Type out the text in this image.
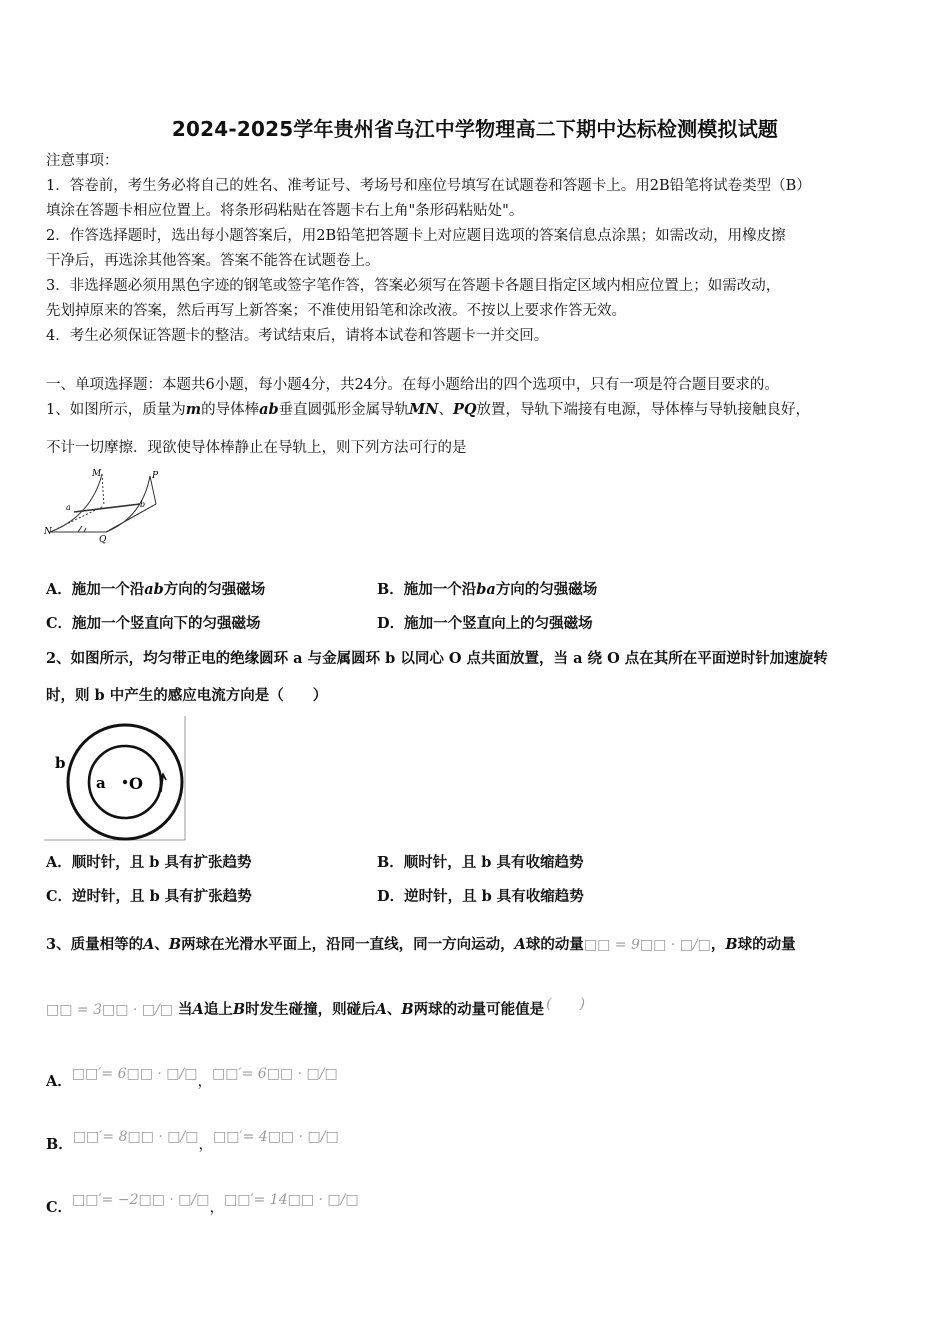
2024-2025学年贵州省乌江中学物理高二下期中达标检测模拟试题
注意事项：
1．答卷前，考生务必将自己的姓名、准考证号、考场号和座位号填写在试题卷和答题卡上。用2B铅笔将试卷类型（B）
填涂在答题卡相应位置上。将条形码粘贴在答题卡右上角"条形码粘贴处"。
2．作答选择题时，选出每小题答案后，用2B铅笔把答题卡上对应题目选项的答案信息点涂黑；如需改动，用橡皮擦
干净后，再选涂其他答案。答案不能答在试题卷上。
3．非选择题必须用黑色字迹的钢笔或签字笔作答，答案必须写在答题卡各题目指定区域内相应位置上；如需改动，
先划掉原来的答案，然后再写上新答案；不准使用铅笔和涂改液。不按以上要求作答无效。
4．考生必须保证答题卡的整洁。考试结束后，请将本试卷和答题卡一并交回。
一、单项选择题：本题共6小题，每小题4分，共24分。在每小题给出的四个选项中，只有一项是符合题目要求的。
1、如图所示，质量为m的导体棒ab垂直圆弧形金属导轨MN、PQ放置，导轨下端接有电源，导体棒与导轨接触良好，
不计一切摩擦．现欲使导体棒静止在导轨上，则下列方法可行的是
M	P
N
Q
a	b
A．施加一个沿ab方向的匀强磁场	B．施加一个沿ba方向的匀强磁场
C．施加一个竖直向下的匀强磁场	D．施加一个竖直向上的匀强磁场
2、如图所示，均匀带正电的绝缘圆环 a 与金属圆环 b 以同心 O 点共面放置，当 a 绕 O 点在其所在平面逆时针加速旋转
时，则 b 中产生的感应电流方向是（　　）
b
a O
A．顺时针，且 b 具有扩张趋势	B．顺时针，且 b 具有收缩趋势
C．逆时针，且 b 具有扩张趋势	D．逆时针，且 b 具有收缩趋势
3、质量相等的A、B两球在光滑水平面上，沿同一直线，同一方向运动，A球的动量□□ = 9□□ · □/□，B球的动量
□□ = 3□□ · □/□ 当A追上B时发生碰撞，则碰后A、B两球的动量可能值是 (　　)
A．□□′= 6□□ · □/□，□□′= 6□□ · □/□
B．□□′= 8□□ · □/□，□□′= 4□□ · □/□
C．□□′= −2□□ · □/□，□□′= 14□□ · □/□
